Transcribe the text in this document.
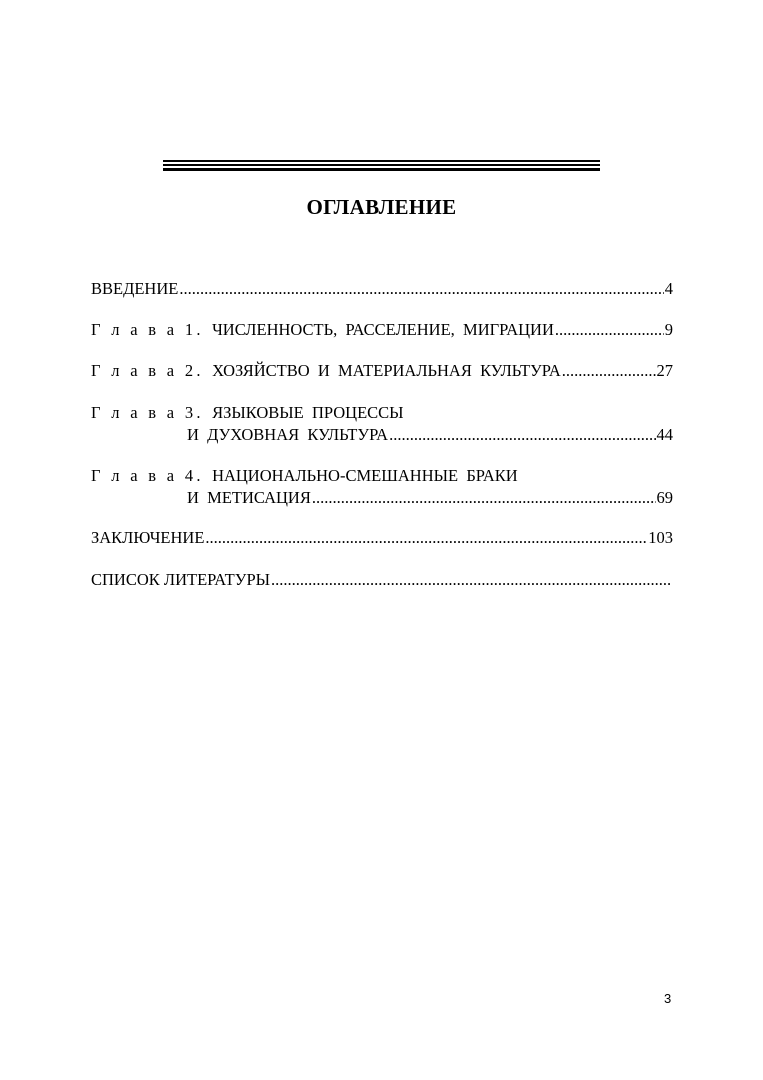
ОГЛАВЛЕНИЕ
ВВЕДЕНИЕ .....	4
Г л а в а 1.
ЧИСЛЕННОСТЬ,  РАССЕЛЕНИЕ,  МИГРАЦИИ .....	9
Г л а в а 2.
ХОЗЯЙСТВО  И  МАТЕРИАЛЬНАЯ  КУЛЬТУРА .....	27
Г л а в а 3.
ЯЗЫКОВЫЕ  ПРОЦЕССЫ
И  ДУХОВНАЯ  КУЛЬТУРА .....	44
Г л а в а 4.
НАЦИОНАЛЬНО-СМЕШАННЫЕ  БРАКИ
И  МЕТИСАЦИЯ .....	69
ЗАКЛЮЧЕНИЕ .....	103
СПИСОК ЛИТЕРАТУРЫ
.....
3
